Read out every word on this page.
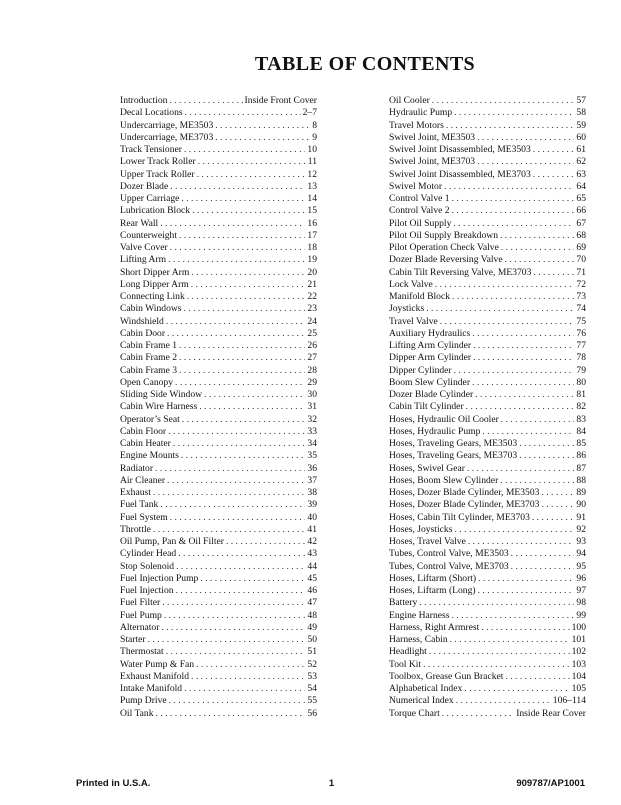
TABLE OF CONTENTS
Introduction . . .	Inside Front Cover
Decal Locations . . .	2–7
Undercarriage, ME3503 . . .	8
Undercarriage, ME3703 . . .	9
Track Tensioner . . .	10
Lower Track Roller . . .	11
Upper Track Roller . . .	12
Dozer Blade . . .	13
Upper Carriage . . .	14
Lubrication Block . . .	15
Rear Wall . . .	16
Counterweight . . .	17
Valve Cover . . .	18
Lifting Arm . . .	19
Short Dipper Arm . . .	20
Long Dipper Arm . . .	21
Connecting Link . . .	22
Cabin Windows . . .	23
Windshield . . .	24
Cabin Door . . .	25
Cabin Frame 1 . . .	26
Cabin Frame 2 . . .	27
Cabin Frame 3 . . .	28
Open Canopy . . .	29
Sliding Side Window . . .	30
Cabin Wire Harness . . .	31
Operator’s Seat . . .	32
Cabin Floor . . .	33
Cabin Heater . . .	34
Engine Mounts . . .	35
Radiator . . .	36
Air Cleaner . . .	37
Exhaust . . .	38
Fuel Tank . . .	39
Fuel System . . .	40
Throttle . . .	41
Oil Pump, Pan & Oil Filter . . .	42
Cylinder Head . . .	43
Stop Solenoid . . .	44
Fuel Injection Pump . . .	45
Fuel Injection . . .	46
Fuel Filter . . .	47
Fuel Pump . . .	48
Alternator . . .	49
Starter . . .	50
Thermostat . . .	51
Water Pump & Fan . . .	52
Exhaust Manifold . . .	53
Intake Manifold . . .	54
Pump Drive . . .	55
Oil Tank . . .	56
Oil Cooler . . .	57
Hydraulic Pump . . .	58
Travel Motors . . .	59
Swivel Joint, ME3503 . . .	60
Swivel Joint Disassembled, ME3503 . . .	61
Swivel Joint, ME3703 . . .	62
Swivel Joint Disassembled, ME3703 . . .	63
Swivel Motor . . .	64
Control Valve 1 . . .	65
Control Valve 2 . . .	66
Pilot Oil Supply . . .	67
Pilot Oil Supply Breakdown . . .	68
Pilot Operation Check Valve . . .	69
Dozer Blade Reversing Valve . . .	70
Cabin Tilt Reversing Valve, ME3703 . . .	71
Lock Valve . . .	72
Manifold Block . . .	73
Joysticks . . .	74
Travel Valve . . .	75
Auxiliary Hydraulics . . .	76
Lifting Arm Cylinder . . .	77
Dipper Arm Cylinder . . .	78
Dipper Cylinder . . .	79
Boom Slew Cylinder . . .	80
Dozer Blade Cylinder . . .	81
Cabin Tilt Cylinder . . .	82
Hoses, Hydraulic Oil Cooler . . .	83
Hoses, Hydraulic Pump . . .	84
Hoses, Traveling Gears, ME3503 . . .	85
Hoses, Traveling Gears, ME3703 . . .	86
Hoses, Swivel Gear . . .	87
Hoses, Boom Slew Cylinder . . .	88
Hoses, Dozer Blade Cylinder, ME3503 . . .	89
Hoses, Dozer Blade Cylinder, ME3703 . . .	90
Hoses, Cabin Tilt Cylinder, ME3703 . . .	91
Hoses, Joysticks . . .	92
Hoses, Travel Valve . . .	93
Tubes, Control Valve, ME3503 . . .	94
Tubes, Control Valve, ME3703 . . .	95
Hoses, Liftarm (Short) . . .	96
Hoses, Liftarm (Long) . . .	97
Battery . . .	98
Engine Harness . . .	99
Harness, Right Armrest . . .	100
Harness, Cabin . . .	101
Headlight . . .	102
Tool Kit . . .	103
Toolbox, Grease Gun Bracket . . .	104
Alphabetical Index . . .	105
Numerical Index . . .	106–114
Torque Chart . . .	Inside Rear Cover
Printed in U.S.A.	1	909787/AP1001
